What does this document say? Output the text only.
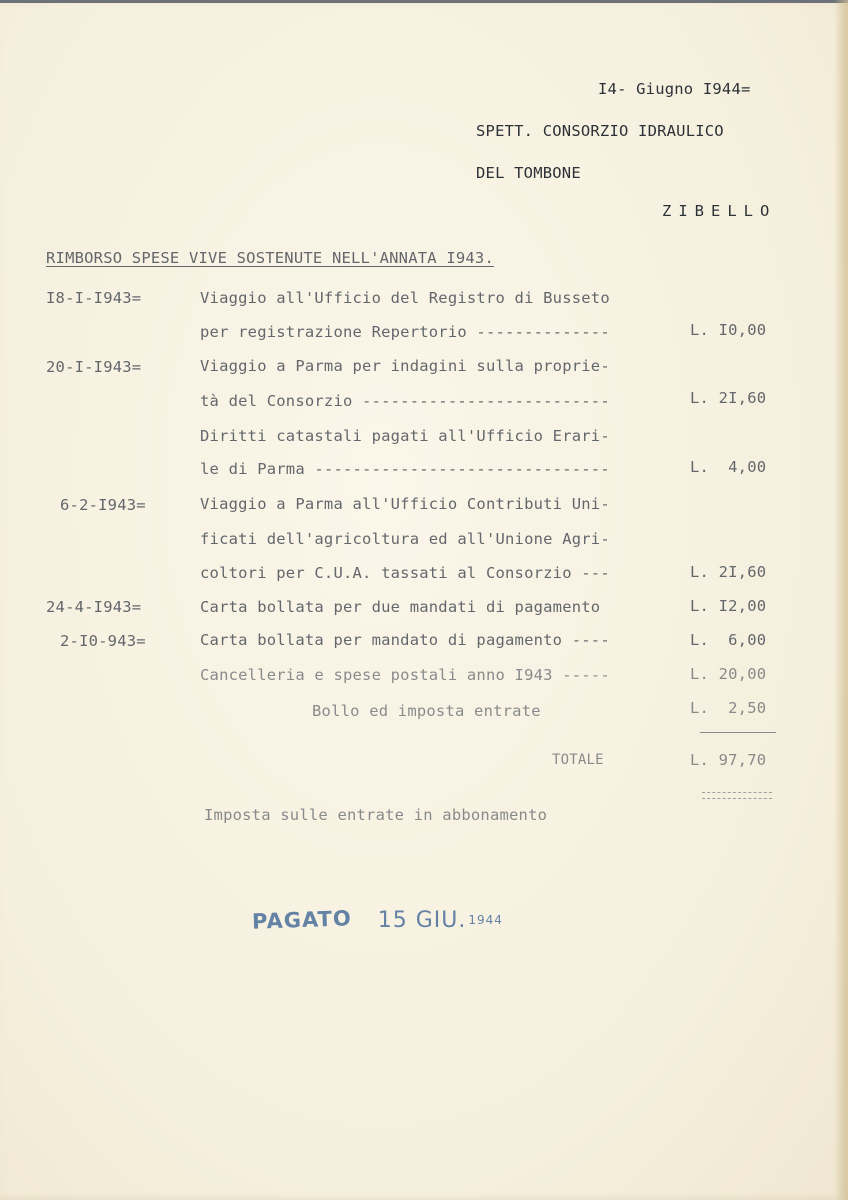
I4- Giugno I944=
SPETT. CONSORZIO IDRAULICO
DEL TOMBONE
ZIBELLO
RIMBORSO SPESE VIVE SOSTENUTE NELL'ANNATA I943.
I8-I-I943=	Viaggio all'Ufficio del Registro di Busseto
per registrazione Repertorio --------------	L. I0,00
20-I-I943=	Viaggio a Parma per indagini sulla proprie-
tà del Consorzio --------------------------	L. 2I,60
Diritti catastali pagati all'Ufficio Erari-
le di Parma -------------------------------	L.  4,00
6-2-I943=	Viaggio a Parma all'Ufficio Contributi Uni-
ficati dell'agricoltura ed all'Unione Agri-
coltori per C.U.A. tassati al Consorzio ---	L. 2I,60
24-4-I943=	Carta bollata per due mandati di pagamento	L. I2,00
2-I0-943=	Carta bollata per mandato di pagamento ----	L.  6,00
Cancelleria e spese postali anno I943 -----	L. 20,00
Bollo ed imposta entrate	L.  2,50
TOTALE	L. 97,70
Imposta sulle entrate in abbonamento
PAGATO 15 GIU. 1944
